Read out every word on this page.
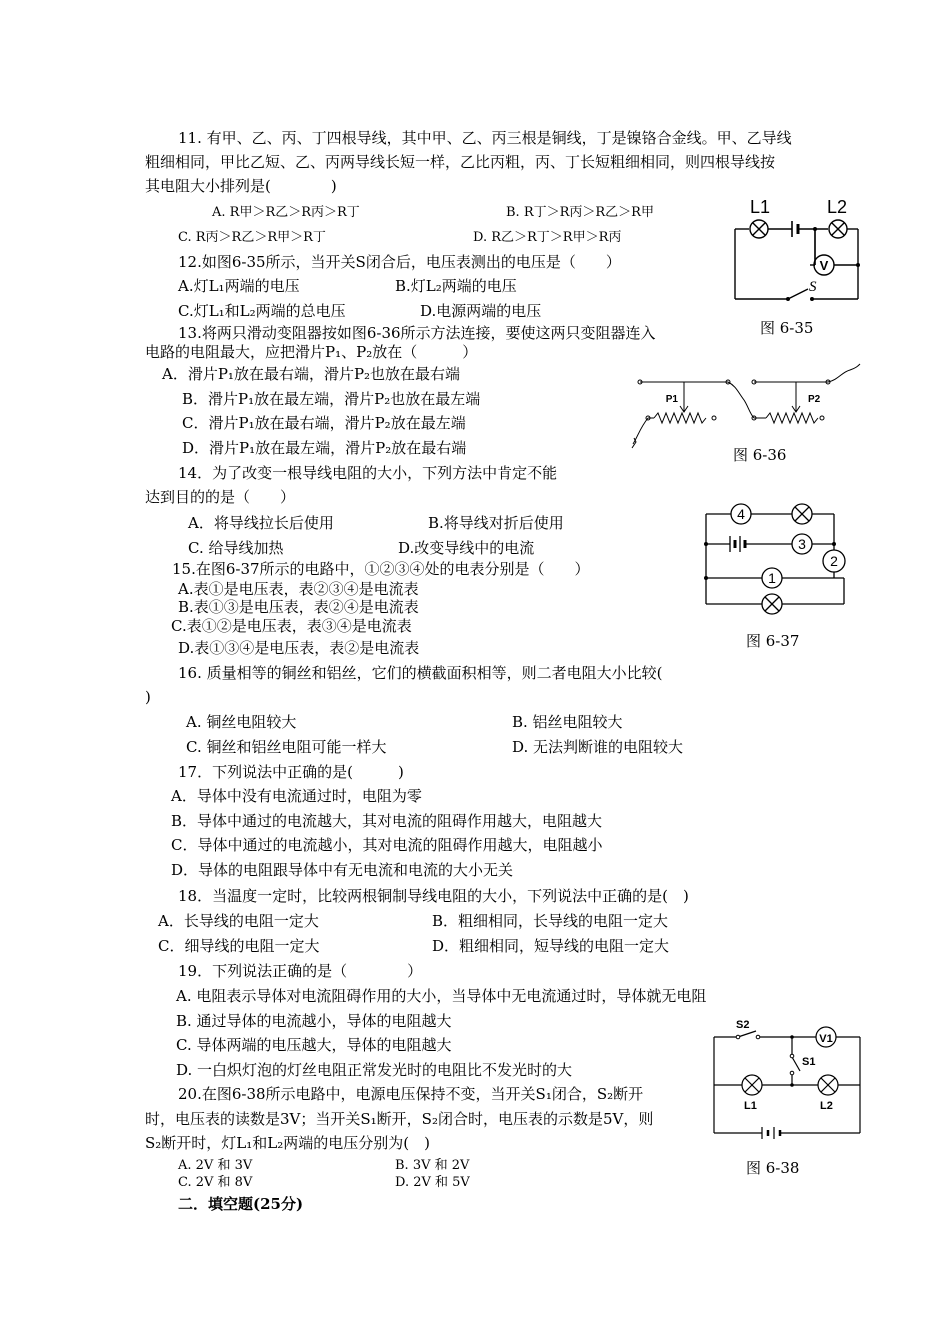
11. 有甲、乙、丙、丁四根导线，其中甲、乙、丙三根是铜线，丁是镍铬合金线。甲、乙导线
粗细相同，甲比乙短、乙、丙两导线长短一样，乙比丙粗，丙、丁长短粗细相同，则四根导线按
其电阻大小排列是(　　　　)
A. R甲＞R乙＞R丙＞R丁	B. R丁＞R丙＞R乙＞R甲
C. R丙＞R乙＞R甲＞R丁	D. R乙＞R丁＞R甲＞R丙
12.如图6-35所示，当开关S闭合后，电压表测出的电压是（　　）
A.灯L₁两端的电压	B.灯L₂两端的电压
C.灯L₁和L₂两端的总电压	D.电源两端的电压
13.将两只滑动变阻器按如图6-36所示方法连接，要使这两只变阻器连入
电路的电阻最大，应把滑片P₁、P₂放在（　　　）
A．滑片P₁放在最右端，滑片P₂也放在最右端
B．滑片P₁放在最左端，滑片P₂也放在最左端
C．滑片P₁放在最右端，滑片P₂放在最左端
D．滑片P₁放在最左端，滑片P₂放在最右端
14．为了改变一根导线电阻的大小，下列方法中肯定不能
达到目的的是（　　）
A．将导线拉长后使用	B.将导线对折后使用
C. 给导线加热	D.改变导线中的电流
15.在图6-37所示的电路中，①②③④处的电表分别是（　　）
A.表①是电压表，表②③④是电流表
B.表①③是电压表，表②④是电流表
C.表①②是电压表，表③④是电流表
D.表①③④是电压表，表②是电流表
16. 质量相等的铜丝和铝丝，它们的横截面积相等，则二者电阻大小比较(
)
A. 铜丝电阻较大	B. 铝丝电阻较大
C. 铜丝和铝丝电阻可能一样大	D. 无法判断谁的电阻较大
17．下列说法中正确的是(　　　)
A．导体中没有电流通过时，电阻为零
B．导体中通过的电流越大，其对电流的阻碍作用越大，电阻越大
C．导体中通过的电流越小，其对电流的阻碍作用越大，电阻越小
D．导体的电阻跟导体中有无电流和电流的大小无关
18．当温度一定时，比较两根铜制导线电阻的大小，下列说法中正确的是(　)
A．长导线的电阻一定大	B．粗细相同，长导线的电阻一定大
C．细导线的电阻一定大	D．粗细相同，短导线的电阻一定大
19．下列说法正确的是（　　　　）
A. 电阻表示导体对电流阻碍作用的大小，当导体中无电流通过时，导体就无电阻
B. 通过导体的电流越小，导体的电阻越大
C. 导体两端的电压越大，导体的电阻越大
D. 一白炽灯泡的灯丝电阻正常发光时的电阻比不发光时的大
20.在图6-38所示电路中，电源电压保持不变，当开关S₁闭合，S₂断开
时，电压表的读数是3V；当开关S₁断开，S₂闭合时，电压表的示数是5V，则
S₂断开时，灯L₁和L₂两端的电压分别为(　)
A. 2V 和 3V	B. 3V 和 2V
C. 2V 和 8V	D. 2V 和 5V
二．填空题(25分)
V
L1	L2
S
图 6-35
P1	P2
图 6-36
4
3
2
1
图 6-37
V1
S2
S1
L1	L2
图 6-38
